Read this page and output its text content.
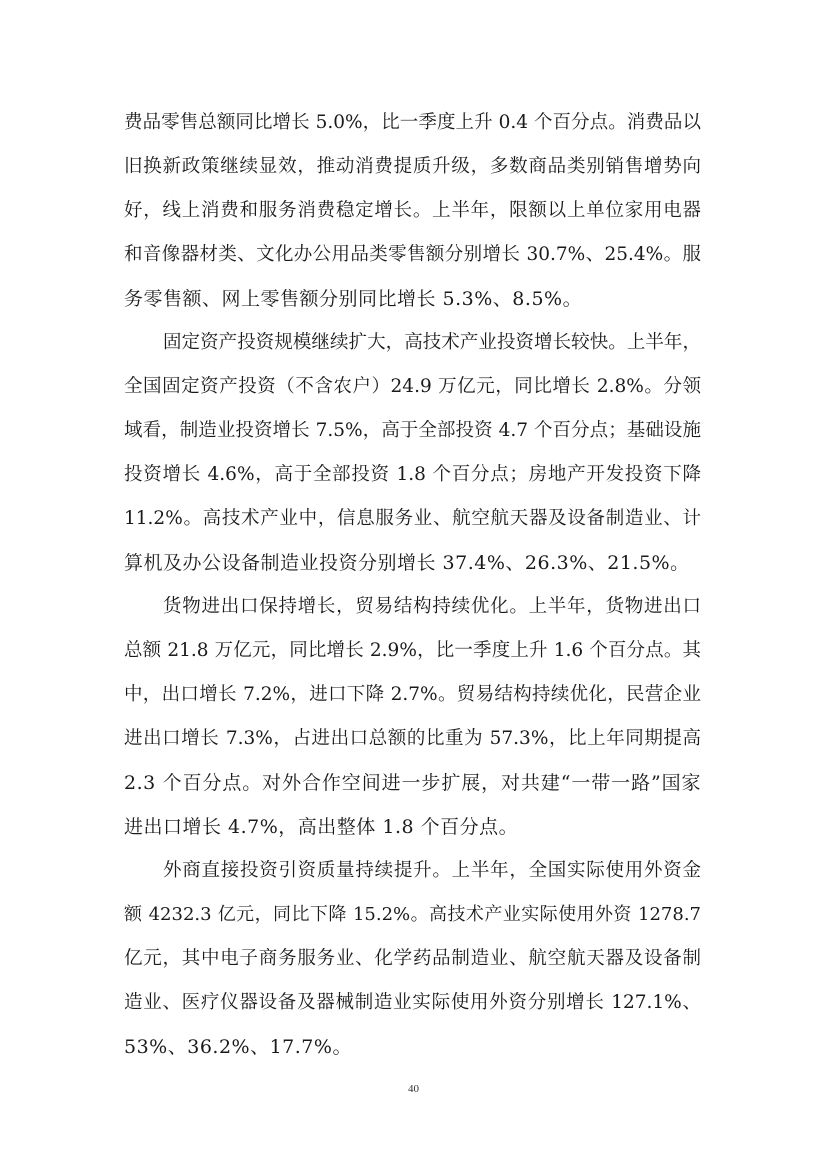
费品零售总额同比增长 5.0%，比一季度上升 0.4 个百分点。消费品以
旧换新政策继续显效，推动消费提质升级，多数商品类别销售增势向
好，线上消费和服务消费稳定增长。上半年，限额以上单位家用电器
和音像器材类、文化办公用品类零售额分别增长 30.7%、25.4%。服
务零售额、网上零售额分别同比增长 5.3%、8.5%。
固定资产投资规模继续扩大，高技术产业投资增长较快。上半年，
全国固定资产投资（不含农户）24.9 万亿元，同比增长 2.8%。分领
域看，制造业投资增长 7.5%，高于全部投资 4.7 个百分点；基础设施
投资增长 4.6%，高于全部投资 1.8 个百分点；房地产开发投资下降
11.2%。高技术产业中，信息服务业、航空航天器及设备制造业、计
算机及办公设备制造业投资分别增长 37.4%、26.3%、21.5%。
货物进出口保持增长，贸易结构持续优化。上半年，货物进出口
总额 21.8 万亿元，同比增长 2.9%，比一季度上升 1.6 个百分点。其
中，出口增长 7.2%，进口下降 2.7%。贸易结构持续优化，民营企业
进出口增长 7.3%，占进出口总额的比重为 57.3%，比上年同期提高
2.3 个百分点。对外合作空间进一步扩展，对共建“一带一路”国家
进出口增长 4.7%，高出整体 1.8 个百分点。
外商直接投资引资质量持续提升。上半年，全国实际使用外资金
额 4232.3 亿元，同比下降 15.2%。高技术产业实际使用外资 1278.7
亿元，其中电子商务服务业、化学药品制造业、航空航天器及设备制
造业、医疗仪器设备及器械制造业实际使用外资分别增长 127.1%、
53%、36.2%、17.7%。
40
